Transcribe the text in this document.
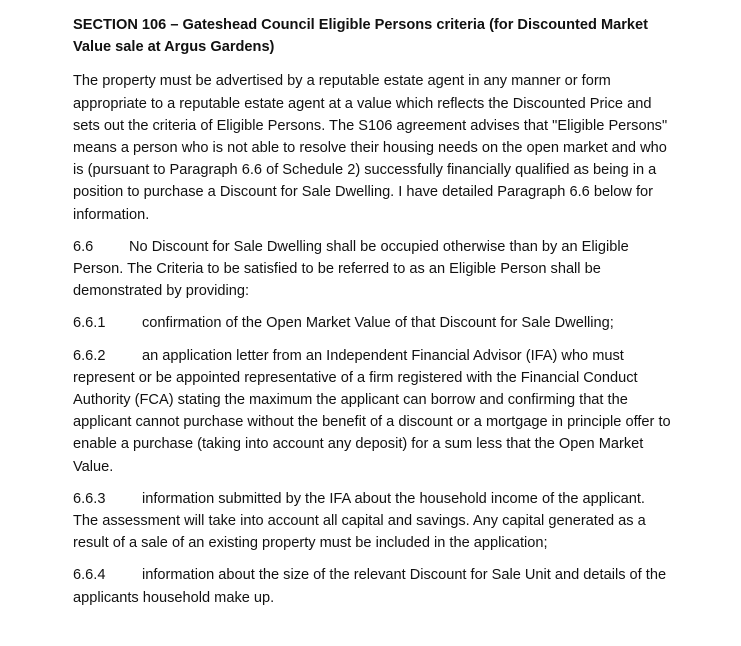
SECTION 106 – Gateshead Council Eligible Persons criteria (for Discounted Market Value sale at Argus Gardens)

The property must be advertised by a reputable estate agent in any manner or form appropriate to a reputable estate agent at a value which reflects the Discounted Price and sets out the criteria of Eligible Persons. The S106 agreement advises that "Eligible Persons" means a person who is not able to resolve their housing needs on the open market and who is (pursuant to Paragraph 6.6 of Schedule 2) successfully financially qualified as being in a position to purchase a Discount for Sale Dwelling. I have detailed Paragraph 6.6 below for information.

6.6 No Discount for Sale Dwelling shall be occupied otherwise than by an Eligible Person. The Criteria to be satisfied to be referred to as an Eligible Person shall be demonstrated by providing:

6.6.1	confirmation of the Open Market Value of that Discount for Sale Dwelling;

6.6.2	an application letter from an Independent Financial Advisor (IFA) who must represent or be appointed representative of a firm registered with the Financial Conduct Authority (FCA) stating the maximum the applicant can borrow and confirming that the applicant cannot purchase without the benefit of a discount or a mortgage in principle offer to enable a purchase (taking into account any deposit) for a sum less that the Open Market Value.

6.6.3	information submitted by the IFA about the household income of the applicant. The assessment will take into account all capital and savings. Any capital generated as a result of a sale of an existing property must be included in the application;

6.6.4	information about the size of the relevant Discount for Sale Unit and details of the applicants household make up.
